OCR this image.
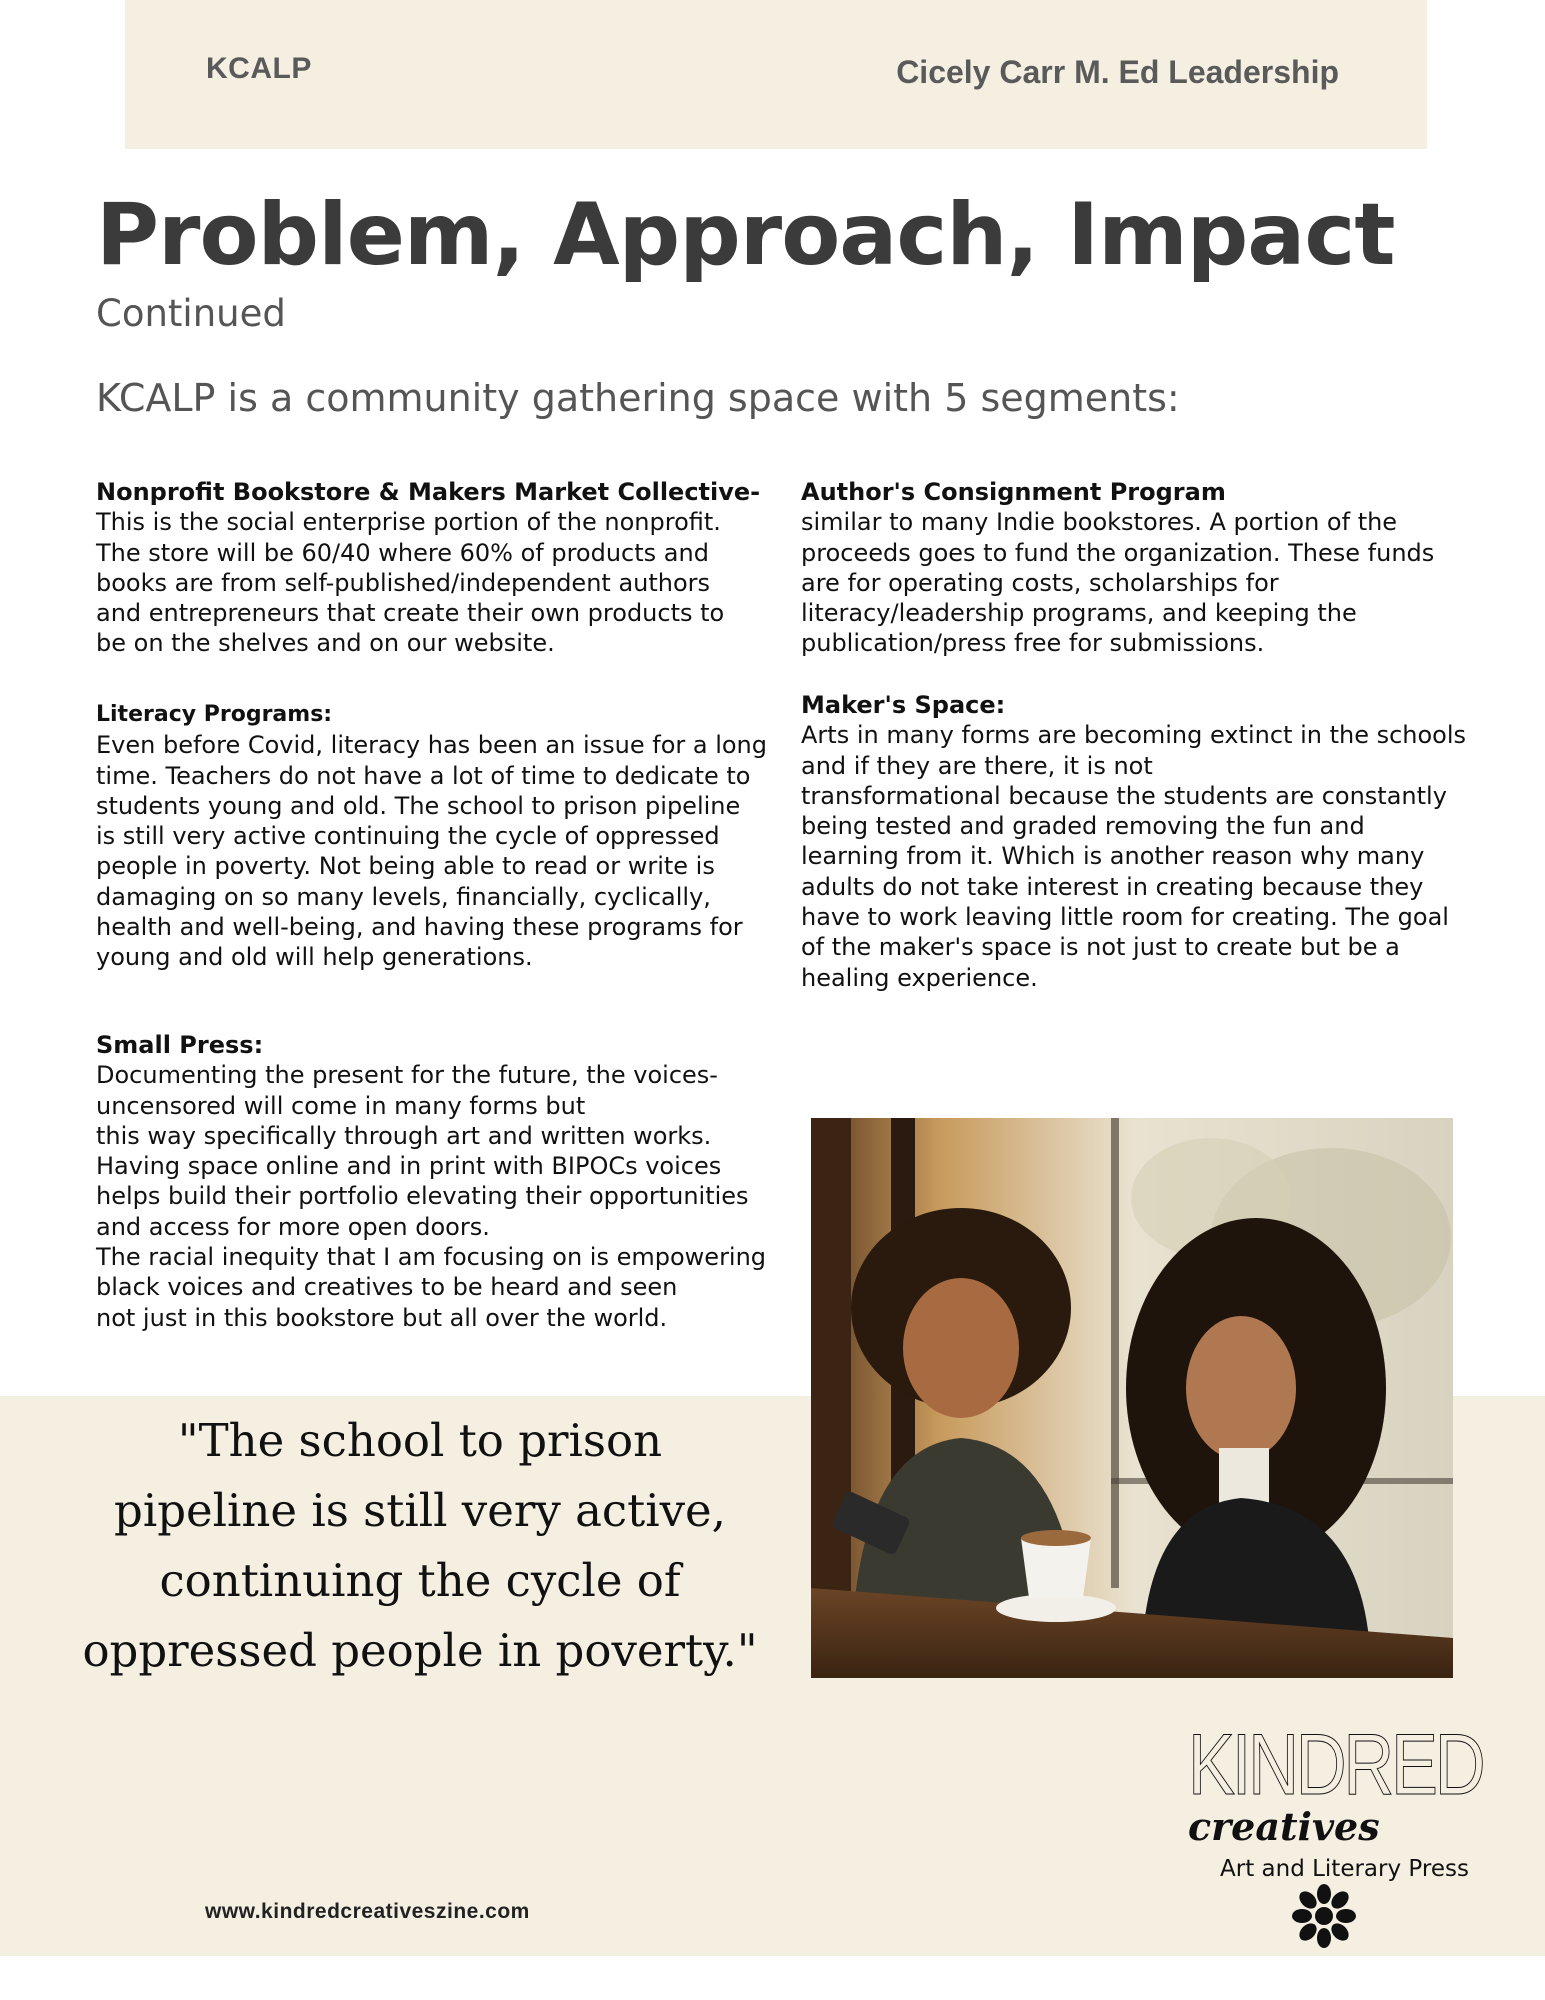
KCALP	Cicely Carr M. Ed Leadership
Problem, Approach, Impact
Continued
KCALP is a community gathering space with 5 segments:
Nonprofit Bookstore & Makers Market Collective-

This is the social enterprise portion of the nonprofit.
The store will be 60/40 where 60% of products and
books are from self-published/independent authors
and entrepreneurs that create their own products to
be on the shelves and on our website.

Author's Consignment Program

similar to many Indie bookstores. A portion of the
proceeds goes to fund the organization. These funds
are for operating costs, scholarships for
literacy/leadership programs, and keeping the
publication/press free for submissions.

Literacy Programs:

Even before Covid, literacy has been an issue for a long
time. Teachers do not have a lot of time to dedicate to
students young and old. The school to prison pipeline
is still very active continuing the cycle of oppressed
people in poverty. Not being able to read or write is
damaging on so many levels, financially, cyclically,
health and well-being, and having these programs for
young and old will help generations.

Maker's Space:

Arts in many forms are becoming extinct in the schools
and if they are there, it is not
transformational because the students are constantly
being tested and graded removing the fun and
learning from it. Which is another reason why many
adults do not take interest in creating because they
have to work leaving little room for creating. The goal
of the maker's space is not just to create but be a
healing experience.

Small Press:

Documenting the present for the future, the voices-
uncensored will come in many forms but
this way specifically through art and written works.
Having space online and in print with BIPOCs voices
helps build their portfolio elevating their opportunities
and access for more open doors.
The racial inequity that I am focusing on is empowering
black voices and creatives to be heard and seen
not just in this bookstore but all over the world.

"The school to prison
pipeline is still very active,
continuing the cycle of
oppressed people in poverty."
KINDRED
creatives
Art and Literary Press
www.kindredcreativeszine.com
